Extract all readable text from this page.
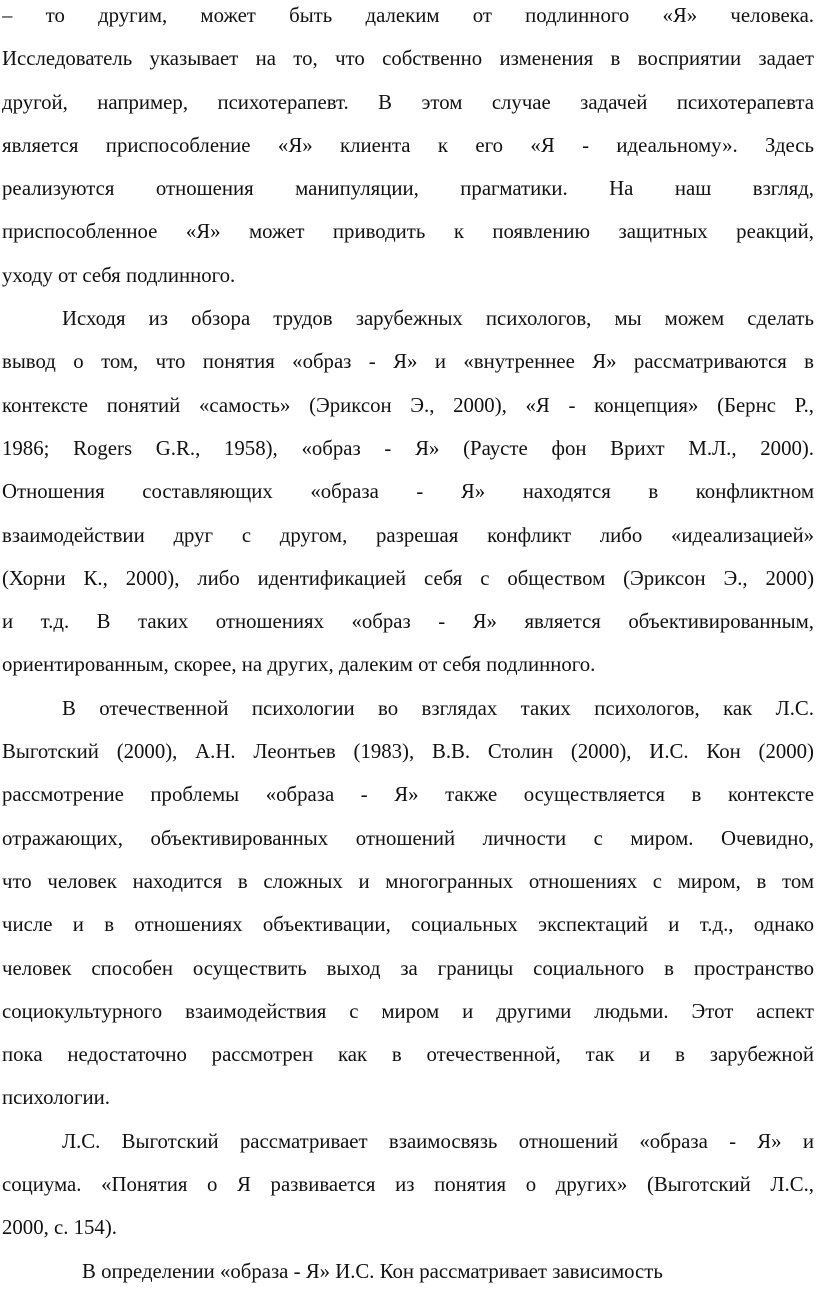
– то другим, может быть далеким от подлинного «Я» человека.
Исследователь указывает на то, что собственно изменения в восприятии задает
другой, например, психотерапевт. В этом случае задачей психотерапевта
является приспособление «Я» клиента к его «Я - идеальному». Здесь
реализуются отношения манипуляции, прагматики. На наш взгляд,
приспособленное «Я» может приводить к появлению защитных реакций,
уходу от себя подлинного.
Исходя из обзора трудов зарубежных психологов, мы можем сделать
вывод о том, что понятия «образ - Я» и «внутреннее Я» рассматриваются в
контексте понятий «самость» (Эриксон Э., 2000), «Я - концепция» (Бернс Р.,
1986; Rogers G.R., 1958), «образ - Я» (Раусте фон Врихт М.Л., 2000).
Отношения составляющих «образа - Я» находятся в конфликтном
взаимодействии друг с другом, разрешая конфликт либо «идеализацией»
(Хорни К., 2000), либо идентификацией себя с обществом (Эриксон Э., 2000)
и т.д. В таких отношениях «образ - Я» является объективированным,
ориентированным, скорее, на других, далеким от себя подлинного.
В отечественной психологии во взглядах таких психологов, как Л.С.
Выготский (2000), А.Н. Леонтьев (1983), В.В. Столин (2000), И.С. Кон (2000)
рассмотрение проблемы «образа - Я» также осуществляется в контексте
отражающих, объективированных отношений личности с миром. Очевидно,
что человек находится в сложных и многогранных отношениях с миром, в том
числе и в отношениях объективации, социальных экспектаций и т.д., однако
человек способен осуществить выход за границы социального в пространство
социокультурного взаимодействия с миром и другими людьми. Этот аспект
пока недостаточно рассмотрен как в отечественной, так и в зарубежной
психологии.
Л.С. Выготский рассматривает взаимосвязь отношений «образа - Я» и
социума. «Понятия о Я развивается из понятия о других» (Выготский Л.С.,
2000, с. 154).
В определении «образа - Я» И.С. Кон рассматривает зависимость
